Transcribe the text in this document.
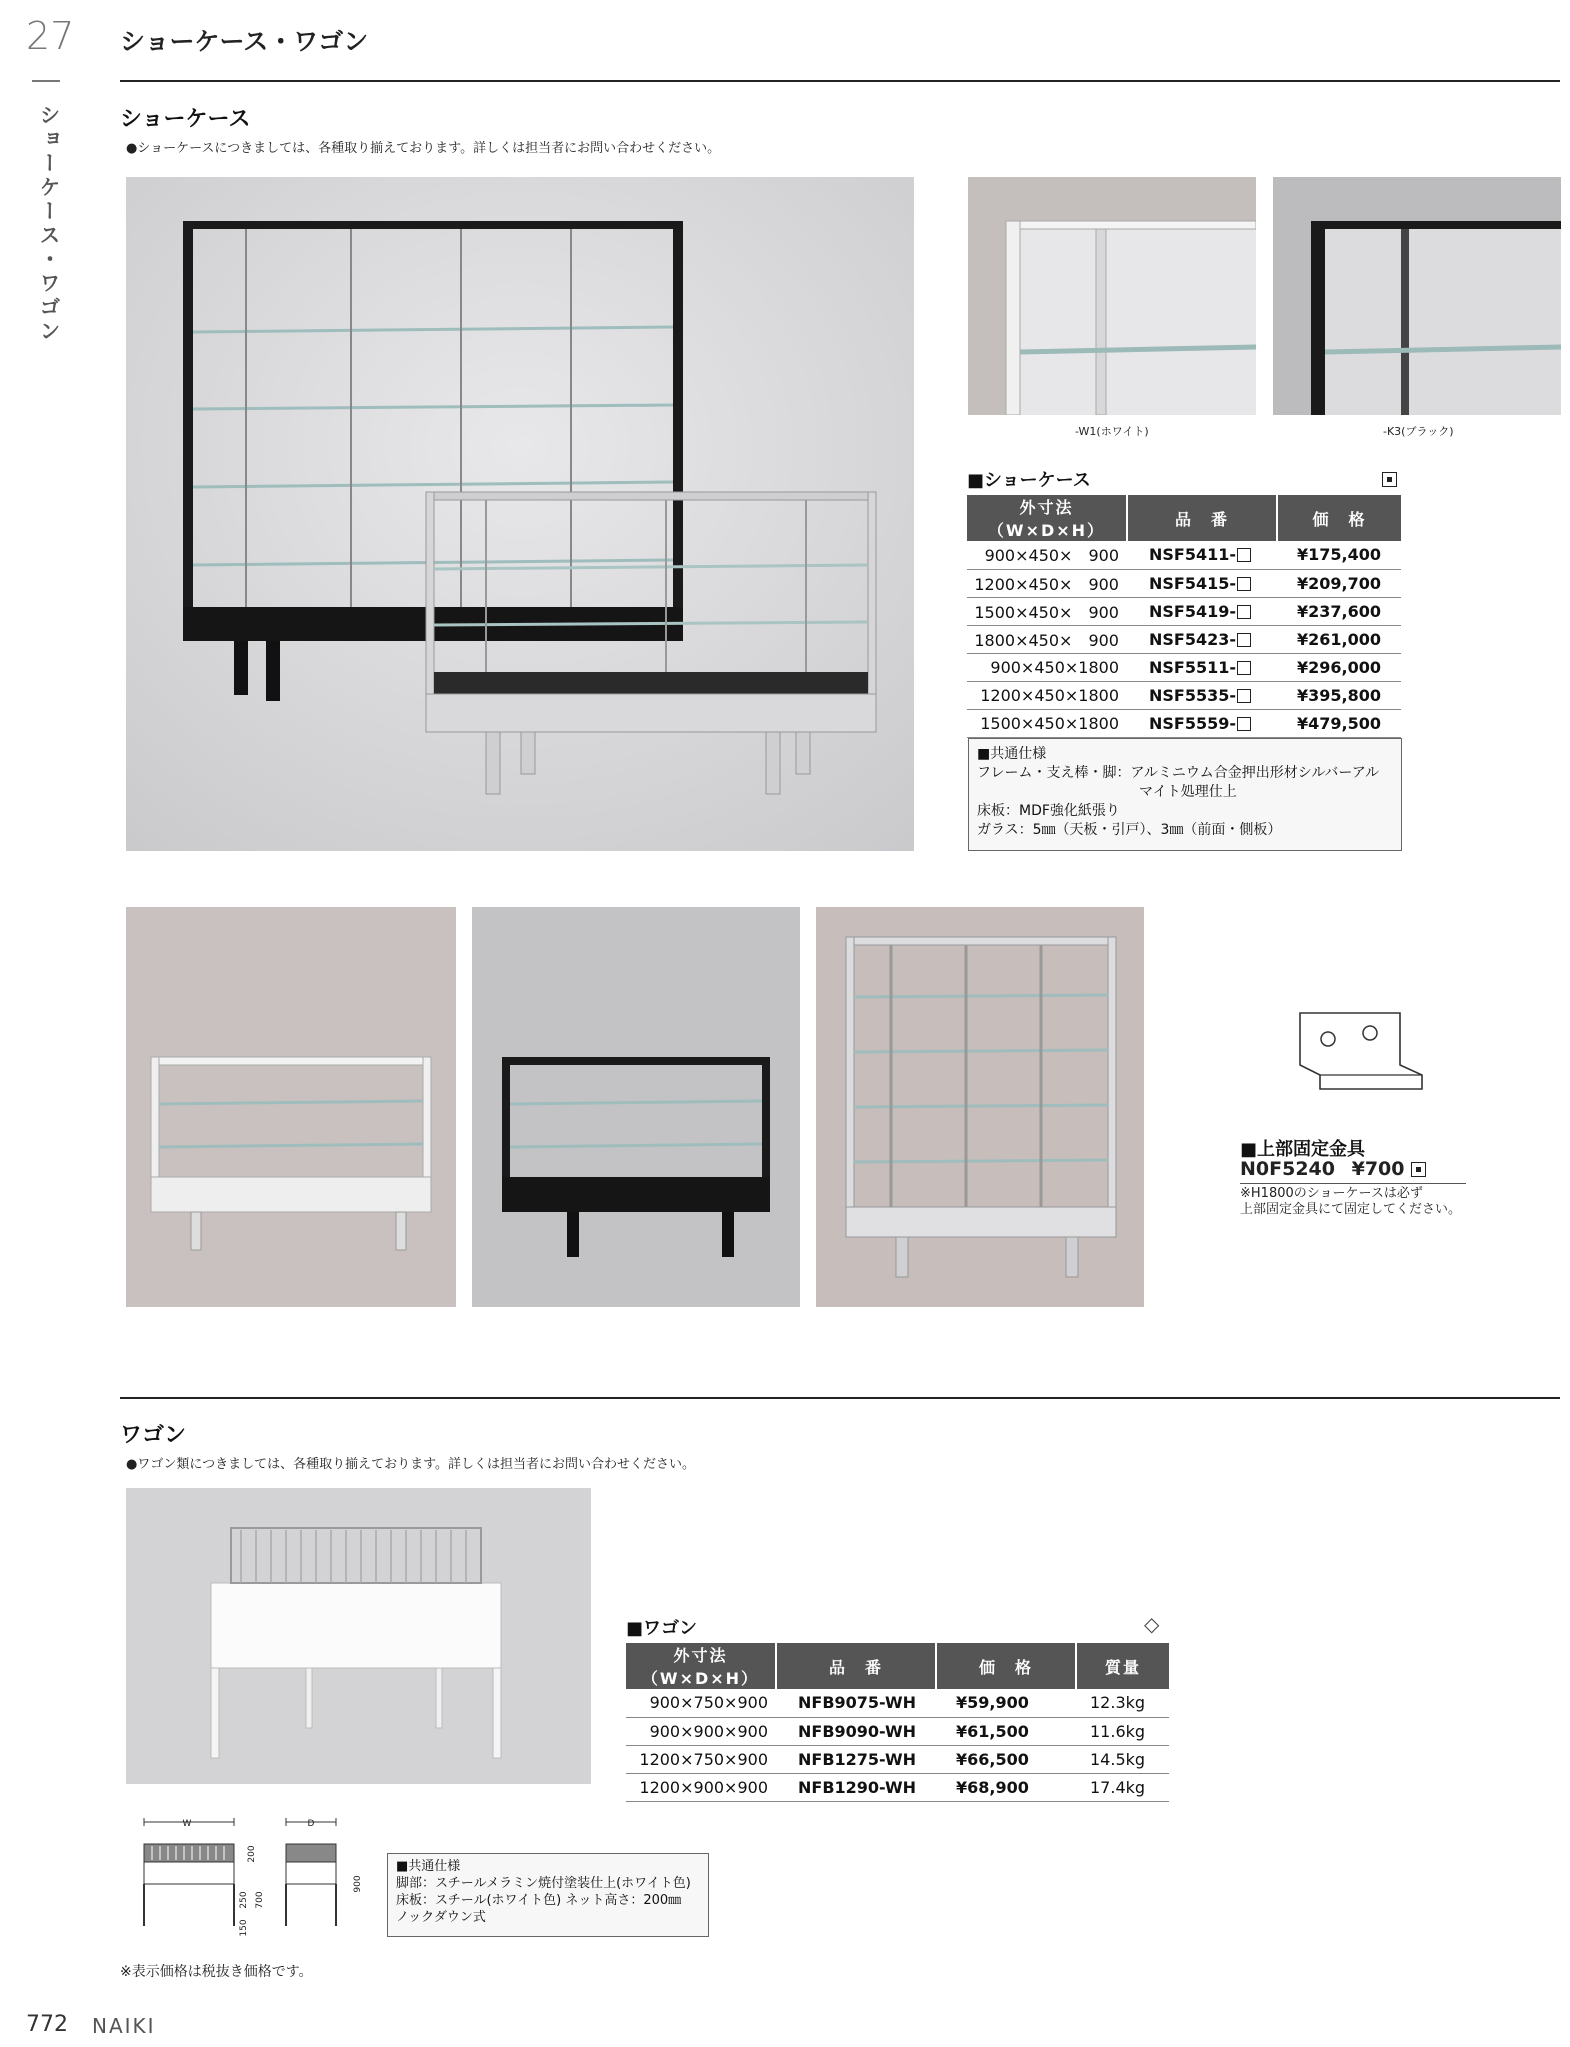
27
ショーケース・ワゴン
ショーケース・ワゴン
ショーケース
●ショーケースにつきましては、各種取り揃えております。詳しくは担当者にお問い合わせください。
-W1(ホワイト)	-K3(ブラック)
■ショーケース
外寸法（W×D×H）	品　番	価　格
900×450×　900	NSF5411-	¥175,400
1200×450×　900	NSF5415-	¥209,700
1500×450×　900	NSF5419-	¥237,600
1800×450×　900	NSF5423-	¥261,000
900×450×1800	NSF5511-	¥296,000
1200×450×1800	NSF5535-	¥395,800
1500×450×1800	NSF5559-	¥479,500
■共通仕様
フレーム・支え棒・脚：アルミニウム合金押出形材シルバーアル
マイト処理仕上
床板：MDF強化紙張り
ガラス：5㎜（天板・引戸）、3㎜（前面・側板）
■上部固定金具
N0F5240 ¥700
※H1800のショーケースは必ず
上部固定金具にて固定してください。
ワゴン
●ワゴン類につきましては、各種取り揃えております。詳しくは担当者にお問い合わせください。
■ワゴン	◇
外寸法（W×D×H）	品　番	価　格	質量
900×750×900	NFB9075-WH	¥59,900	12.3kg
900×900×900	NFB9090-WH	¥61,500	11.6kg
1200×750×900	NFB1275-WH	¥66,500	14.5kg
1200×900×900	NFB1290-WH	¥68,900	17.4kg
W
200
250 700
150
D
900
■共通仕様
脚部：スチールメラミン焼付塗装仕上(ホワイト色)
床板：スチール(ホワイト色) ネット高さ：200㎜
ノックダウン式
※表示価格は税抜き価格です。
772 NAIKI
